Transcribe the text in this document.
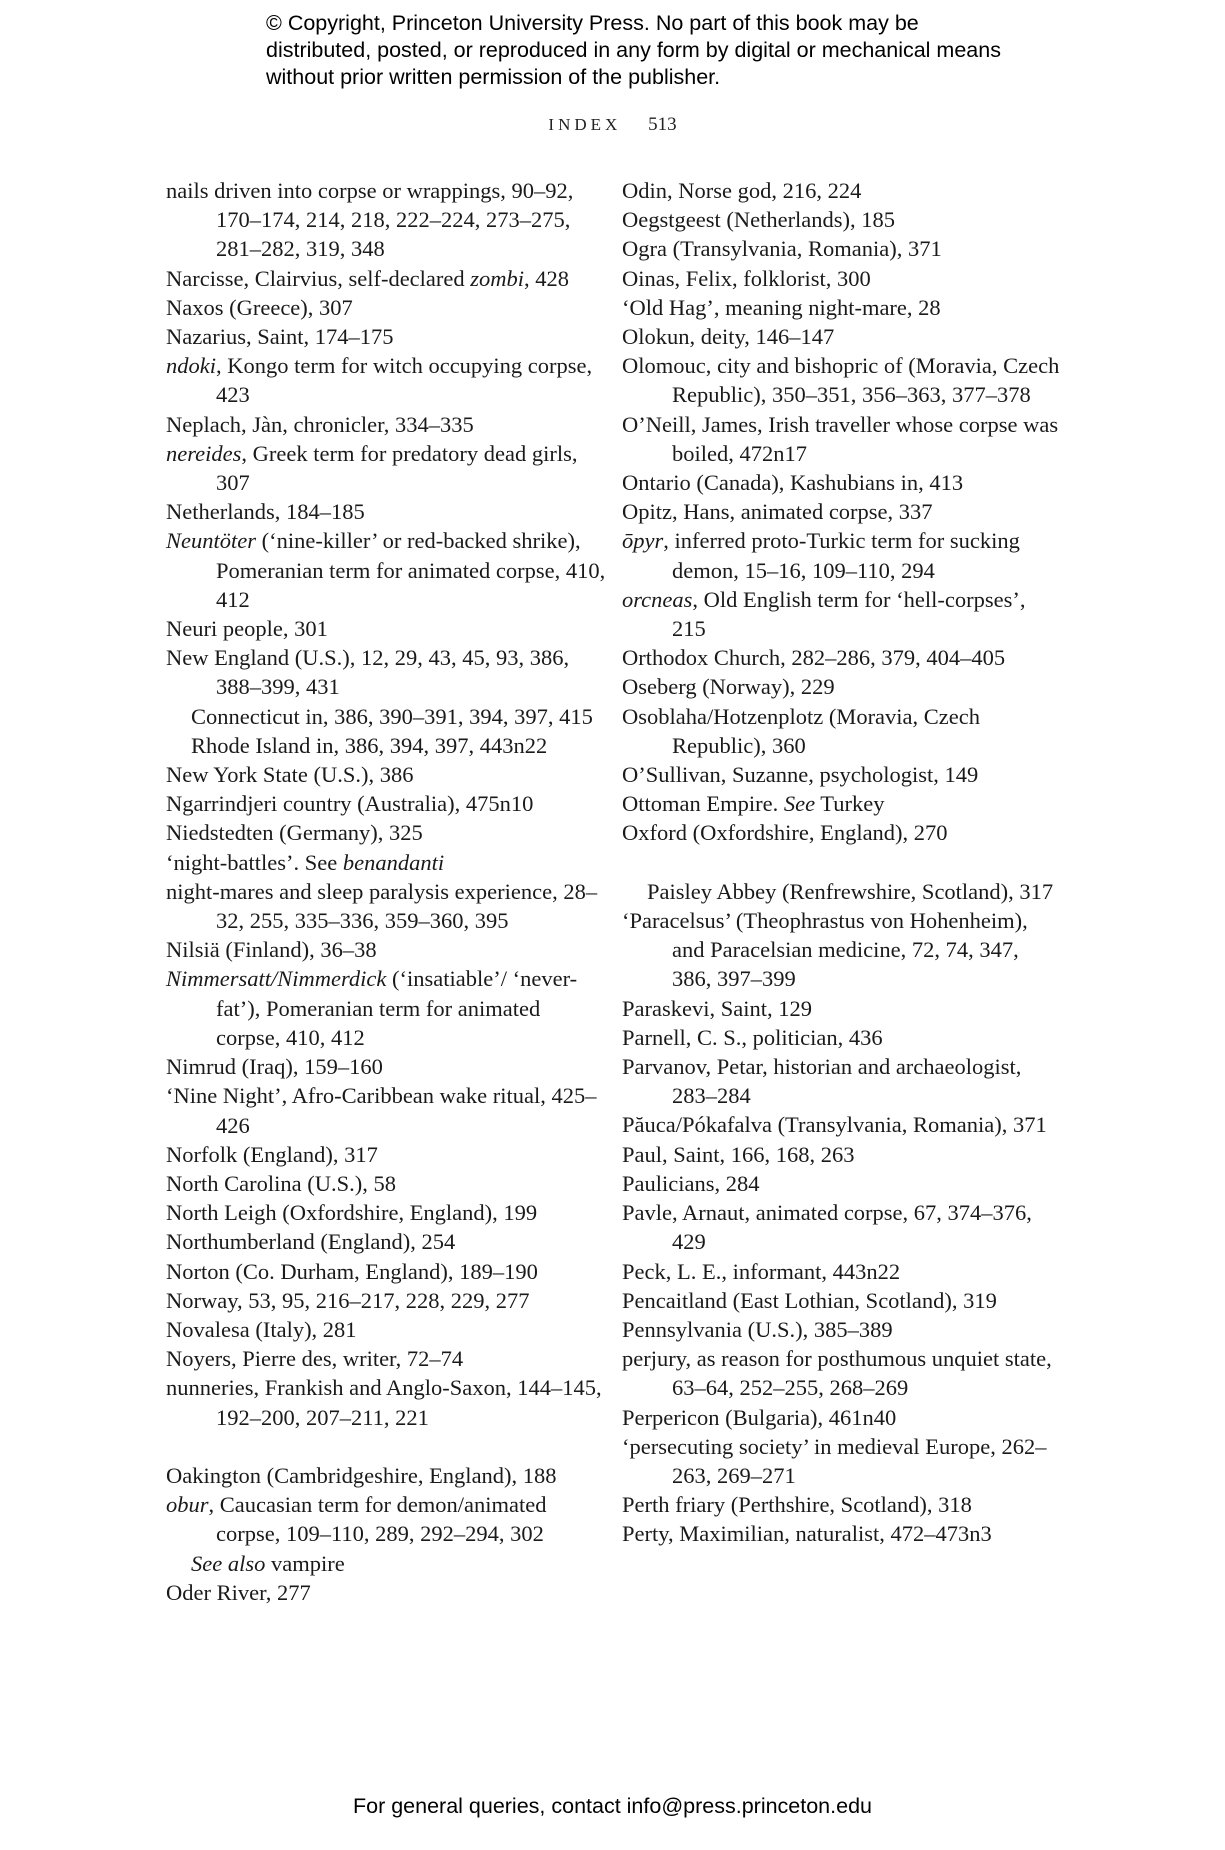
© Copyright, Princeton University Press. No part of this book may be distributed, posted, or reproduced in any form by digital or mechanical means without prior written permission of the publisher.
INDEX 513

nails driven into corpse or wrappings, 90–92, 170–174, 214, 218, 222–224, 273–275, 281–282, 319, 348

Narcisse, Clairvius, self-declared zombi, 428

Naxos (Greece), 307

Nazarius, Saint, 174–175

ndoki, Kongo term for witch occupying corpse, 423

Neplach, Jàn, chronicler, 334–335

nereides, Greek term for predatory dead girls, 307

Netherlands, 184–185

Neuntöter (‘nine-killer’ or red-backed shrike), Pomeranian term for animated corpse, 410, 412

Neuri people, 301

New England (U.S.), 12, 29, 43, 45, 93, 386, 388–399, 431

Connecticut in, 386, 390–391, 394, 397, 415

Rhode Island in, 386, 394, 397, 443n22

New York State (U.S.), 386

Ngarrindjeri country (Australia), 475n10

Niedstedten (Germany), 325

‘night-battles’. See benandanti

night-mares and sleep paralysis experience, 28–32, 255, 335–336, 359–360, 395

Nilsiä (Finland), 36–38

Nimmersatt/Nimmerdick (‘insatiable’/ ‘never-fat’), Pomeranian term for animated corpse, 410, 412

Nimrud (Iraq), 159–160

‘Nine Night’, Afro-Caribbean wake ritual, 425–426

Norfolk (England), 317

North Carolina (U.S.), 58

North Leigh (Oxfordshire, England), 199

Northumberland (England), 254

Norton (Co. Durham, England), 189–190

Norway, 53, 95, 216–217, 228, 229, 277

Novalesa (Italy), 281

Noyers, Pierre des, writer, 72–74

nunneries, Frankish and Anglo-Saxon, 144–145, 192–200, 207–211, 221

Oakington (Cambridgeshire, England), 188

obur, Caucasian term for demon/animated corpse, 109–110, 289, 292–294, 302

See also vampire

Oder River, 277

Odin, Norse god, 216, 224

Oegstgeest (Netherlands), 185

Ogra (Transylvania, Romania), 371

Oinas, Felix, folklorist, 300

‘Old Hag’, meaning night-mare, 28

Olokun, deity, 146–147

Olomouc, city and bishopric of (Moravia, Czech Republic), 350–351, 356–363, 377–378

O’Neill, James, Irish traveller whose corpse was boiled, 472n17

Ontario (Canada), Kashubians in, 413

Opitz, Hans, animated corpse, 337

ōpyr, inferred proto-Turkic term for sucking demon, 15–16, 109–110, 294

orcneas, Old English term for ‘hell-corpses’, 215

Orthodox Church, 282–286, 379, 404–405

Oseberg (Norway), 229

Osoblaha/Hotzenplotz (Moravia, Czech Republic), 360

O’Sullivan, Suzanne, psychologist, 149

Ottoman Empire. See Turkey

Oxford (Oxfordshire, England), 270

Paisley Abbey (Renfrewshire, Scotland), 317

‘Paracelsus’ (Theophrastus von Hohenheim), and Paracelsian medicine, 72, 74, 347, 386, 397–399

Paraskevi, Saint, 129

Parnell, C. S., politician, 436

Parvanov, Petar, historian and archaeologist, 283–284

Păuca/Pókafalva (Transylvania, Romania), 371

Paul, Saint, 166, 168, 263

Paulicians, 284

Pavle, Arnaut, animated corpse, 67, 374–376, 429

Peck, L. E., informant, 443n22

Pencaitland (East Lothian, Scotland), 319

Pennsylvania (U.S.), 385–389

perjury, as reason for posthumous unquiet state, 63–64, 252–255, 268–269

Perpericon (Bulgaria), 461n40

‘persecuting society’ in medieval Europe, 262–263, 269–271

Perth friary (Perthshire, Scotland), 318

Perty, Maximilian, naturalist, 472–473n3

For general queries, contact info@press.princeton.edu
